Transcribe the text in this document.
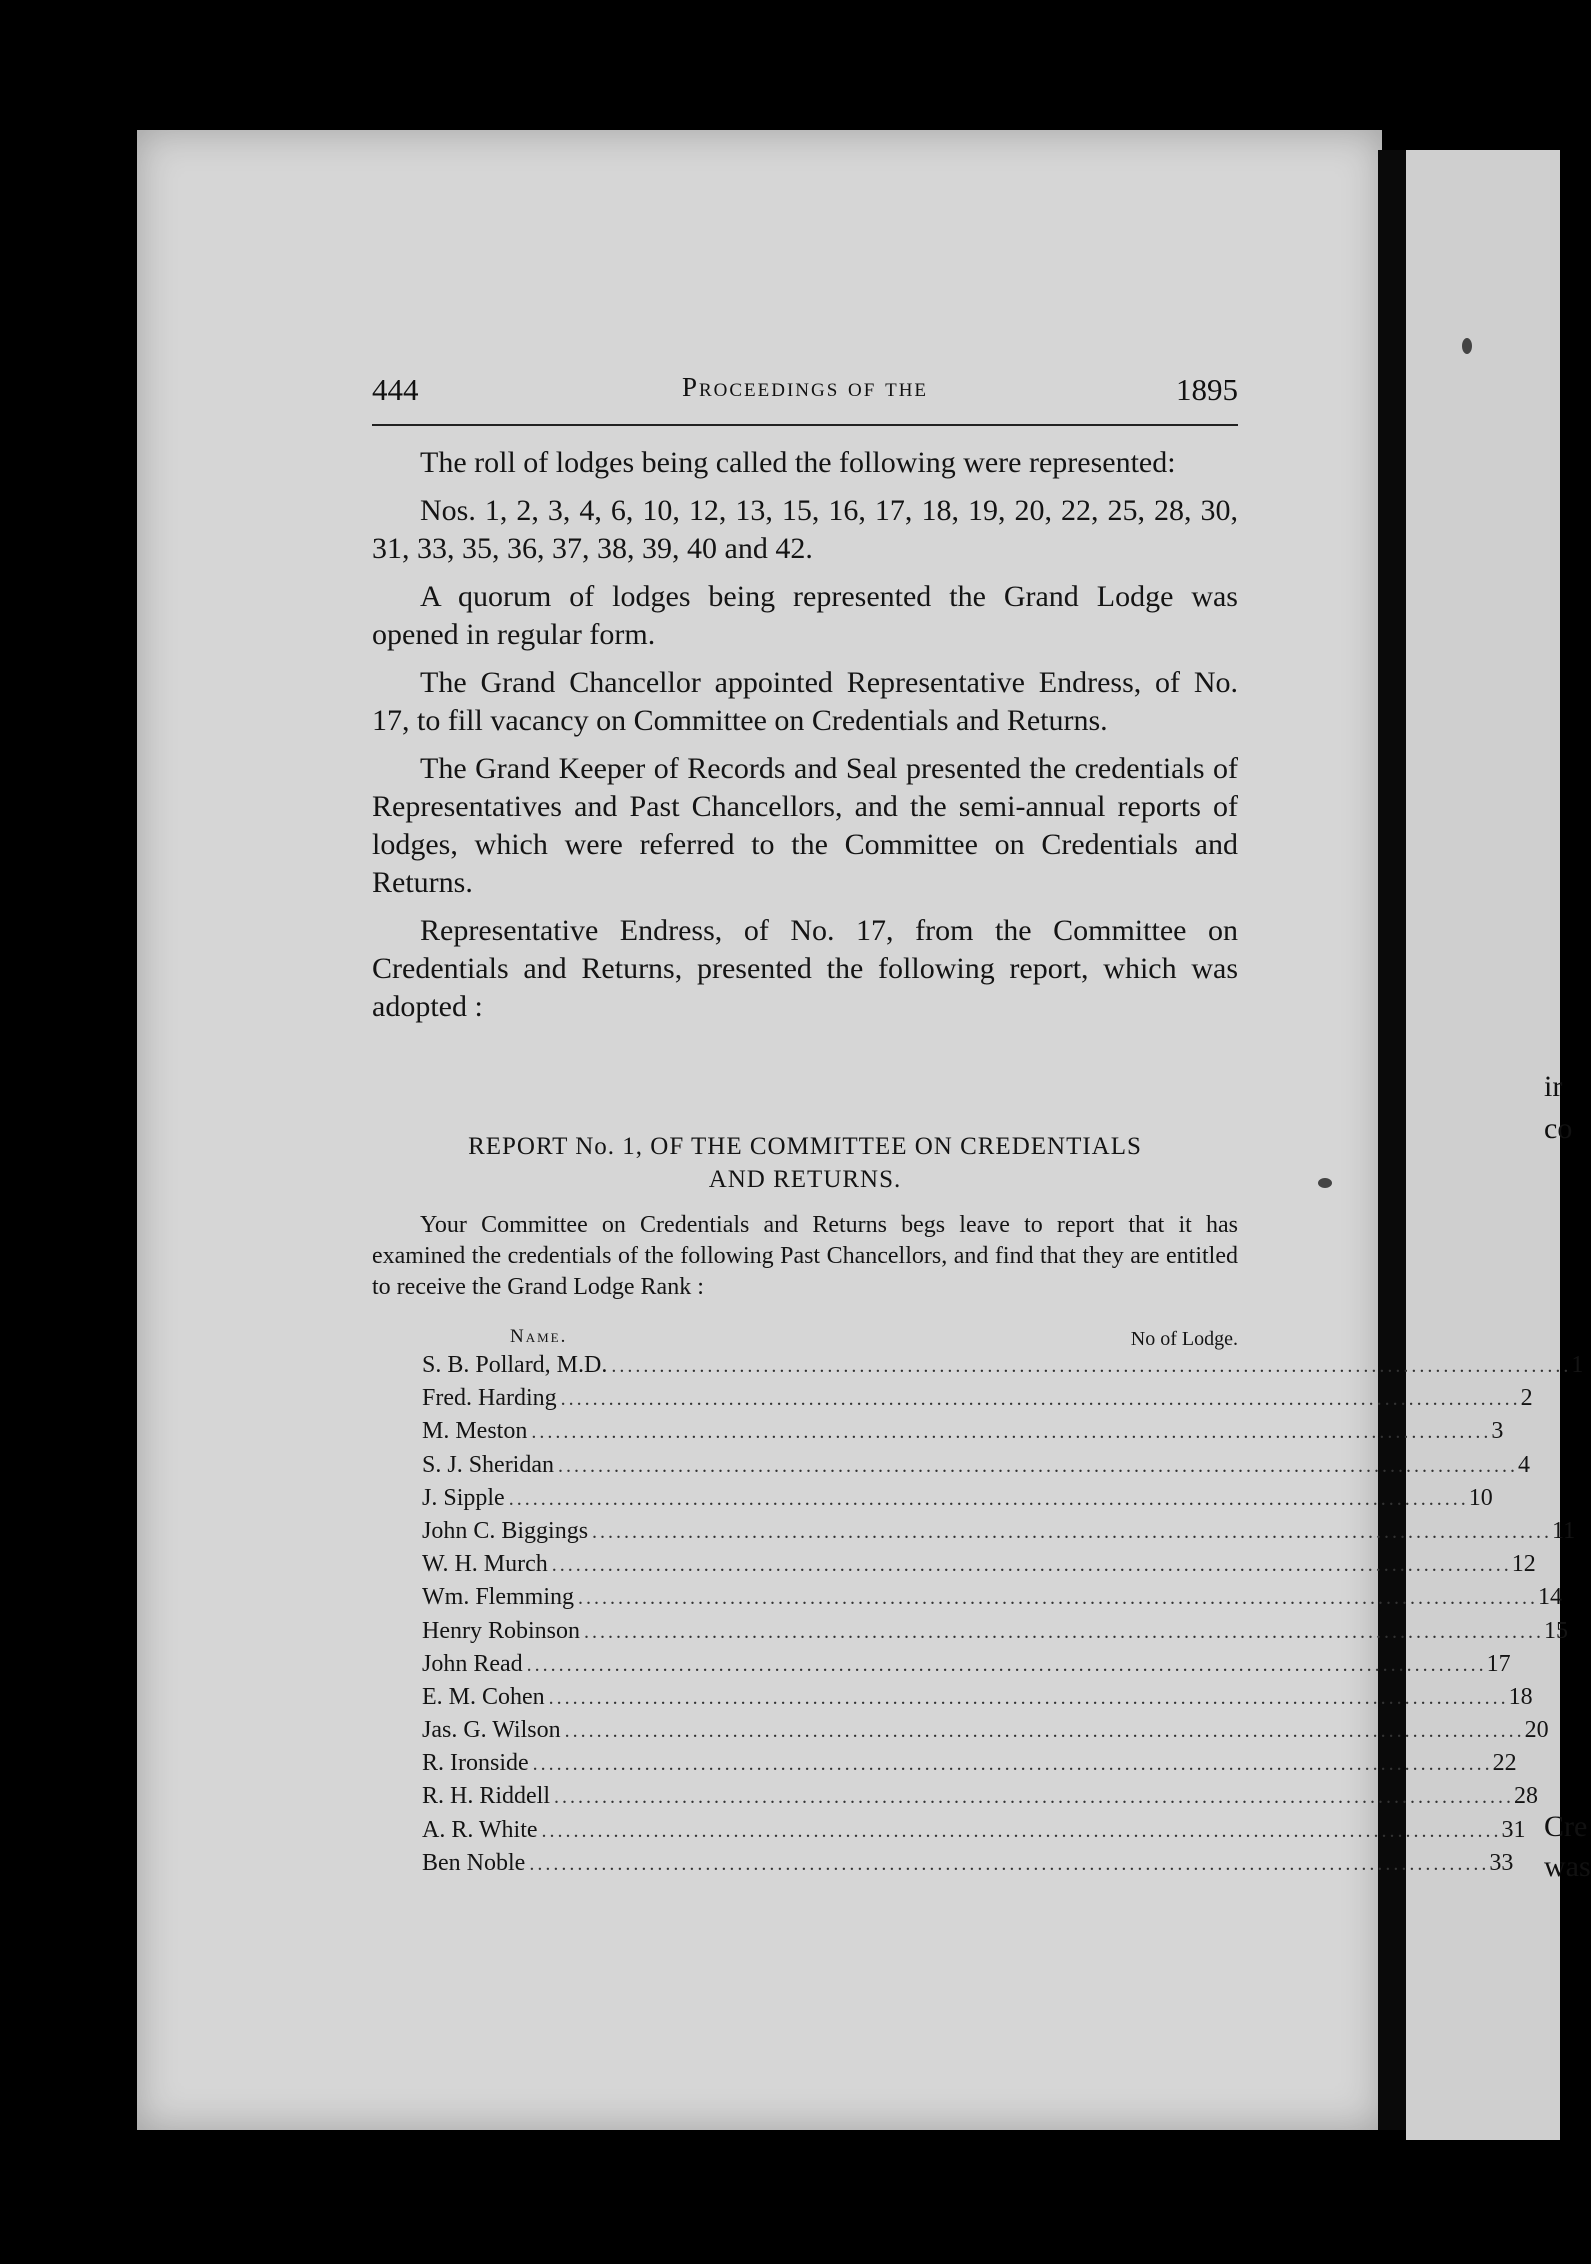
ir
co
Cre
was
444	Proceedings of the	1895

The roll of lodges being called the following were represented:

Nos. 1, 2, 3, 4, 6, 10, 12, 13, 15, 16, 17, 18, 19, 20, 22, 25, 28, 30, 31, 33, 35, 36, 37, 38, 39, 40 and 42.

A quorum of lodges being represented the Grand Lodge was opened in regular form.

The Grand Chancellor appointed Representative Endress, of No. 17, to fill vacancy on Committee on Credentials and Returns.

The Grand Keeper of Records and Seal presented the credentials of Representatives and Past Chancellors, and the semi-annual reports of lodges, which were referred to the Committee on Credentials and Returns.

Representative Endress, of No. 17, from the Committee on Credentials and Returns, presented the following report, which was adopted :

REPORT No. 1, OF THE COMMITTEE ON CREDENTIALS
AND RETURNS.

Your Committee on Credentials and Returns begs leave to report that it has examined the credentials of the following Past Chancellors, and find that they are entitled to receive the Grand Lodge Rank :

Name.	No of Lodge.
S. B. Pollard, M.D. ........................................................................................................................ 1
Fred. Harding ........................................................................................................................ 2
M. Meston ........................................................................................................................ 3
S. J. Sheridan ........................................................................................................................ 4
J. Sipple ........................................................................................................................ 10
John C. Biggings ........................................................................................................................ 11
W. H. Murch ........................................................................................................................ 12
Wm. Flemming ........................................................................................................................ 14
Henry Robinson ........................................................................................................................ 15
John Read ........................................................................................................................ 17
E. M. Cohen ........................................................................................................................ 18
Jas. G. Wilson ........................................................................................................................ 20
R. Ironside ........................................................................................................................ 22
R. H. Riddell ........................................................................................................................ 28
A. R. White ........................................................................................................................ 31
Ben Noble ........................................................................................................................ 33
